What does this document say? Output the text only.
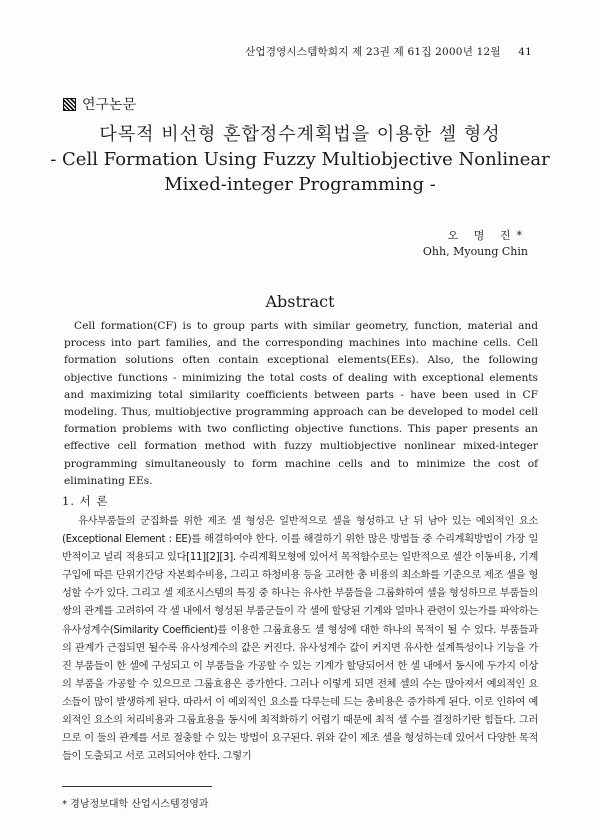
산업경영시스템학회지 제 23권 제 61집 2000년 12월 41
연구논문
다목적 비선형 혼합정수계획법을 이용한 셀 형성
- Cell Formation Using Fuzzy Multiobjective Nonlinear
Mixed-integer Programming -
오 명 진*
Ohh, Myoung Chin
Abstract

Cell formation(CF) is to group parts with similar geometry, function, material and process into part families, and the corresponding machines into machine cells. Cell formation solutions often contain exceptional elements(EEs). Also, the following objective functions - minimizing the total costs of dealing with exceptional elements and maximizing total similarity coefficients between parts - have been used in CF modeling. Thus, multiobjective programming approach can be developed to model cell formation problems with two conflicting objective functions. This paper presents an effective cell formation method with fuzzy multiobjective nonlinear mixed-integer programming simultaneously to form machine cells and to minimize the cost of eliminating EEs.

1. 서 론

유사부품들의 군집화를 위한 제조 셀 형성은 일반적으로 셀을 형성하고 난 뒤 남아 있는 예외적인 요소(Exceptional Element : EE)를 해결하여야 한다. 이를 해결하기 위한 많은 방법들 중 수리계획방법이 가장 일반적이고 널리 적용되고 있다[11][2][3]. 수리계획모형에 있어서 목적함수로는 일반적으로 셀간 이동비용, 기계구입에 따른 단위기간당 자본회수비용, 그리고 하청비용 등을 고려한 총 비용의 최소화를 기준으로 제조 셀을 형성할 수가 있다. 그리고 셀 제조시스템의 특징 중 하나는 유사한 부품들을 그룹화하여 셀을 형성하므로 부품들의 쌍의 관계를 고려하여 각 셀 내에서 형성된 부품군들이 각 셀에 할당된 기계와 얼마나 관련이 있는가를 파악하는 유사성계수(Similarity Coefficient)를 이용한 그룹효용도 셀 형성에 대한 하나의 목적이 될 수 있다. 부품들과의 관계가 근접되면 될수록 유사성계수의 값은 커진다. 유사성계수 값이 커지면 유사한 설계특성이나 기능을 가진 부품들이 한 셀에 구성되고 이 부품들을 가공할 수 있는 기계가 할당되어서 한 셀 내에서 동시에 두가지 이상의 부품을 가공할 수 있으므로 그룹효용은 증가한다. 그러나 이렇게 되면 전체 셀의 수는 많아져서 예외적인 요소들이 많이 발생하게 된다. 따라서 이 예외적인 요소를 다루는데 드는 총비용은 증가하게 된다. 이로 인하여 예외적인 요소의 처리비용과 그룹효용을 동시에 최적화하기 어렵기 때문에 최적 셀 수를 결정하기란 힘들다. 그러므로 이 둘의 관계를 서로 절충할 수 있는 방법이 요구된다. 위와 같이 제조 셀을 형성하는데 있어서 다양한 목적들이 도출되고 서로 고려되어야 한다. 그렇기

* 경남정보대학 산업시스템경영과
